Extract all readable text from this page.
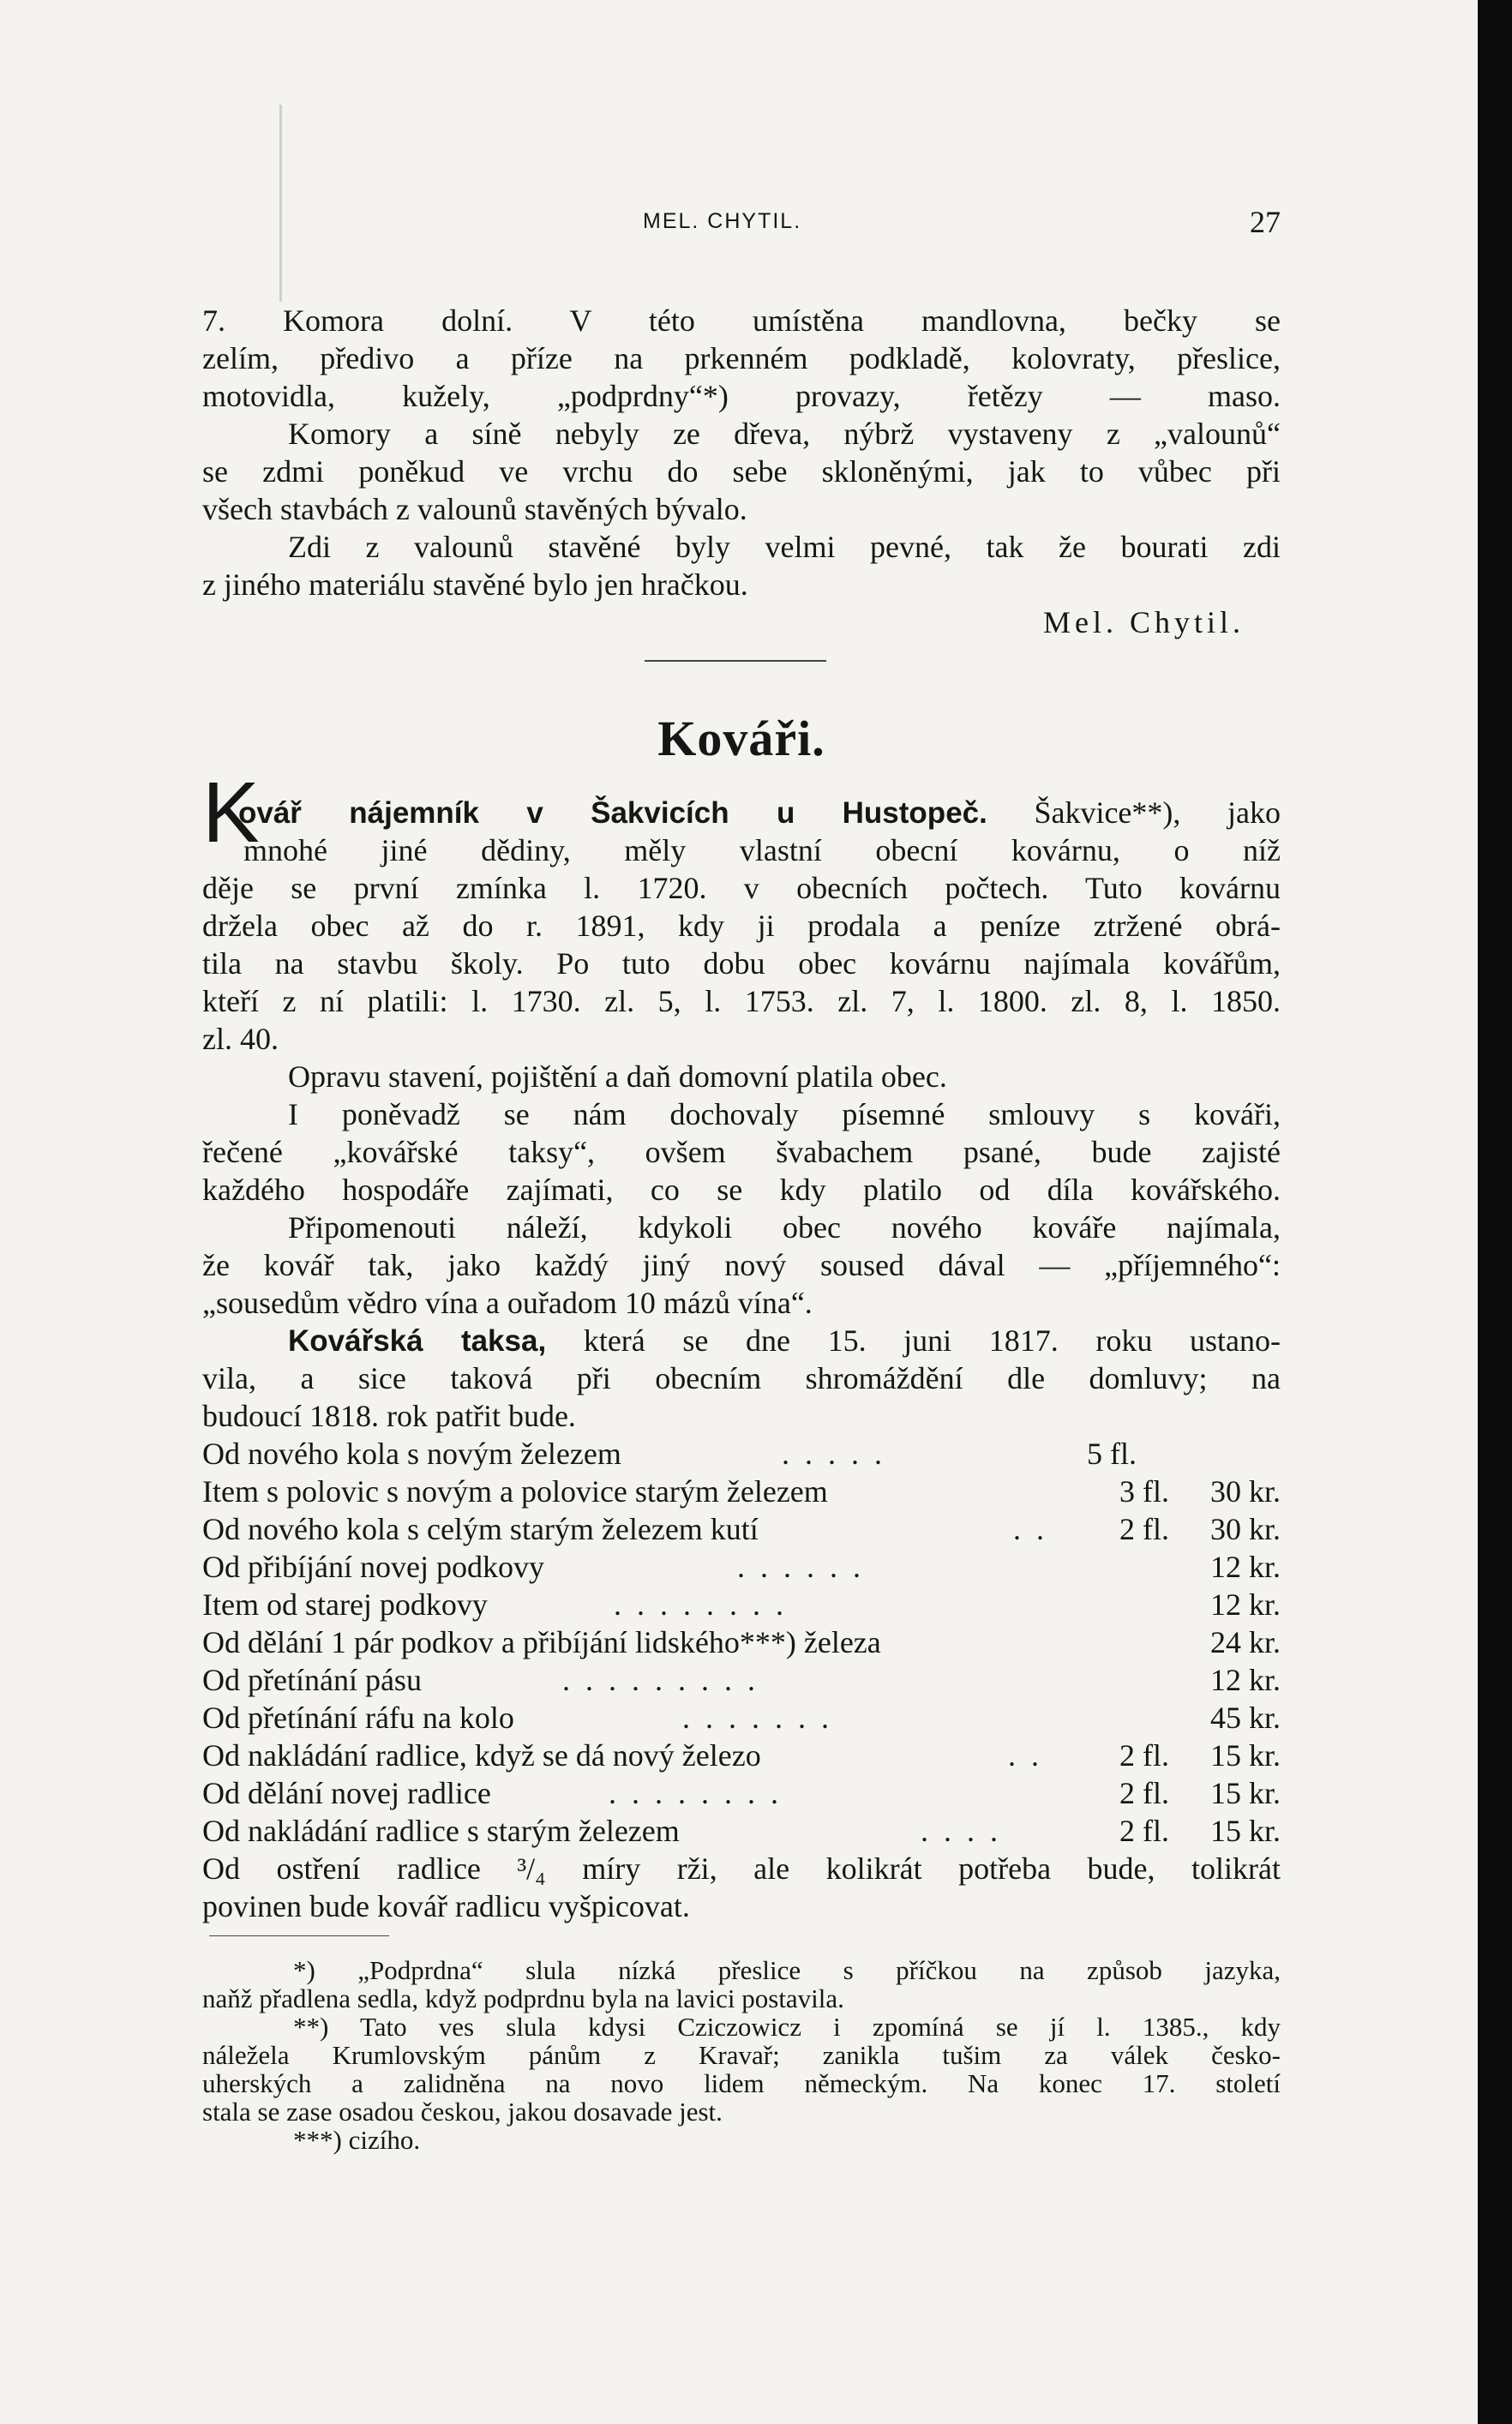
MEL. CHYTIL.	27
7. Komora dolní. V této umístěna mandlovna, bečky se
zelím, předivo a příze na prkenném podkladě, kolovraty, přeslice,
motovidla, kužely, „podprdny“*) provazy, řetězy — maso.
Komory a síně nebyly ze dřeva, nýbrž vystaveny z „valounů“
se zdmi poněkud ve vrchu do sebe skloněnými, jak to vůbec při
všech stavbách z valounů stavěných bývalo.
Zdi z valounů stavěné byly velmi pevné, tak že bourati zdi
z jiného materiálu stavěné bylo jen hračkou.
Mel. Chytil.
Kováři.
K
ovář nájemník v Šakvicích u Hustopeč. Šakvice**), jako
mnohé jiné dědiny, měly vlastní obecní kovárnu, o níž
děje se první zmínka l. 1720. v obecních počtech. Tuto kovárnu
držela obec až do r. 1891, kdy ji prodala a peníze ztržené obrá-
tila na stavbu školy. Po tuto dobu obec kovárnu najímala kovářům,
kteří z ní platili: l. 1730. zl. 5, l. 1753. zl. 7, l. 1800. zl. 8, l. 1850.
zl. 40.
Opravu stavení, pojištění a daň domovní platila obec.
I poněvadž se nám dochovaly písemné smlouvy s kováři,
řečené „kovářské taksy“, ovšem švabachem psané, bude zajisté
každého hospodáře zajímati, co se kdy platilo od díla kovářského.
Připomenouti náleží, kdykoli obec nového kováře najímala,
že kovář tak, jako každý jiný nový soused dával — „příjemného“:
„sousedům vědro vína a ouřadom 10 mázů vína“.
Kovářská taksa, která se dne 15. juni 1817. roku ustano-
vila, a sice taková při obecním shromáždění dle domluvy; na
budoucí 1818. rok patřit bude.
Od nového kola s novým železem	.....	5 fl.
Item s polovic s novým a polovice starým železem	3 fl.	30 kr.
Od nového kola s celým starým železem kutí	..	2 fl.	30 kr.
Od přibíjání novej podkovy	......	12 kr.
Item od starej podkovy	........	12 kr.
Od dělání 1 pár podkov a přibíjání lidského***) železa	24 kr.
Od přetínání pásu	.........	12 kr.
Od přetínání ráfu na kolo	.......	45 kr.
Od nakládání radlice, když se dá nový železo	..	2 fl.	15 kr.
Od dělání novej radlice	........	2 fl.	15 kr.
Od nakládání radlice s starým železem	....	2 fl.	15 kr.
Od ostření radlice ³/₄ míry rži, ale kolikrát potřeba bude, tolikrát
povinen bude kovář radlicu vyšpicovat.
*) „Podprdna“ slula nízká přeslice s příčkou na způsob jazyka,
naňž přadlena sedla, když podprdnu byla na lavici postavila.
**) Tato ves slula kdysi Cziczowicz i zpomíná se jí l. 1385., kdy
náležela Krumlovským pánům z Kravař; zanikla tušim za válek česko-
uherských a zalidněna na novo lidem německým. Na konec 17. století
stala se zase osadou českou, jakou dosavade jest.
***) cizího.
